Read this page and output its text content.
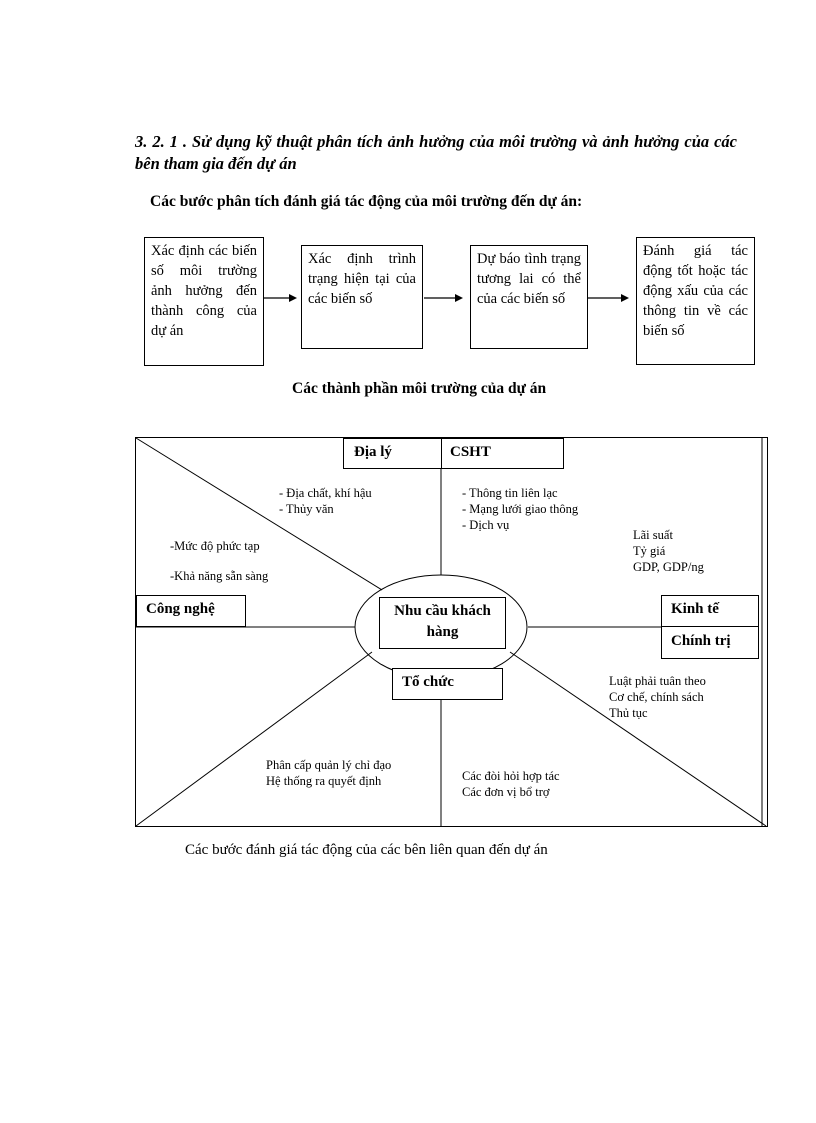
3. 2. 1 . Sử dụng kỹ thuật phân tích ảnh hưởng của môi trường và ảnh hưởng của các bên tham gia đến dự án
Các bước phân tích đánh giá tác động của môi trường đến dự án:
Xác định các biến số môi trường ảnh hưởng đến thành công của dự án
Xác định trình trạng hiện tại của các biến số
Dự báo tình trạng tương lai có thể của các biến số
Đánh giá tác động tốt hoặc tác động xấu của các thông tin về các biến số
Các thành phần môi trường của dự án
Địa lý	CSHT
Công nghệ	Kinh tế
Chính trị
Nhu cầu khách hàng
Tổ chức
- Địa chất, khí hậu
- Thủy văn
- Thông tin liên lạc
- Mạng lưới giao thông
- Dịch vụ
-Mức độ phức tạp
-Khả năng sẵn sàng
Lãi suất
Tỷ giá
GDP, GDP/ng
Luật phải tuân theo
Cơ chế, chính sách
Thủ tục
Phân cấp quản lý chỉ đạo
Hệ thống ra quyết định	Các đòi hỏi hợp tác
Các đơn vị bổ trợ
Các bước đánh giá tác động của các bên liên quan đến dự án
